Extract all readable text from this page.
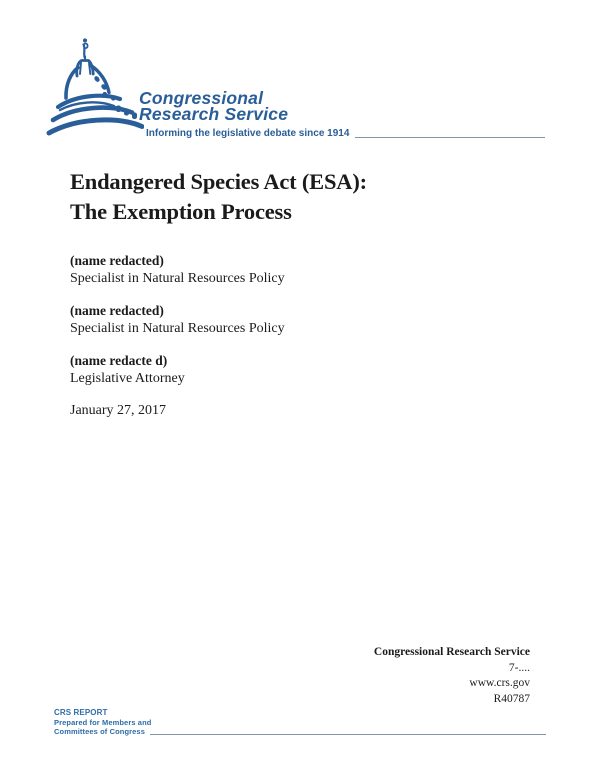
Congressional
Research Service
Informing the legislative debate since 1914
Endangered Species Act (ESA):
The Exemption Process
(name redacted)
Specialist in Natural Resources Policy
(name redacted)
Specialist in Natural Resources Policy
(name redacte d)
Legislative Attorney
January 27, 2017
Congressional Research Service
7-....
www.crs.gov
R40787
CRS REPORT
Prepared for Members and
Committees of Congress
